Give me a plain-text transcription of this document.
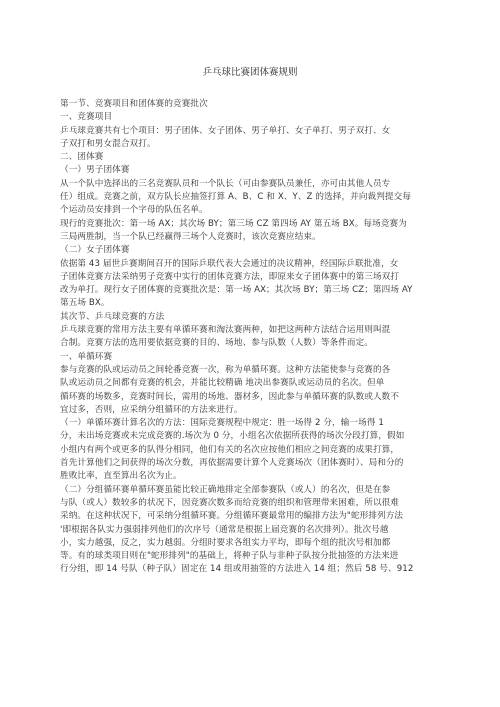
乒乓球比赛团体赛规则
第一节、竞赛项目和团体赛的竞赛批次
一、竞赛项目
乒乓球竞赛共有七个项目：男子团体、女子团体、男子单打、女子单打、男子双打、女
子双打和男女混合双打。
二、团体赛
（一）男子团体赛
从一个队中选择出的三名竞赛队员和一个队长（可由参赛队员兼任，亦可由其他人员专
任）组成。竞赛之前，双方队长应抽签打算 A、B、C 和 X、Y、Z 的选择，并向裁判提交每
个运动员安排到一个字母的队伍名单。
现行的竞赛批次：第一场 AX；其次场 BY；第三场 CZ 第四场 AY 第五场 BX。每场竞赛为
三局两胜制，当一个队已经赢得三场个人竞赛时，该次竞赛应结束。
（二）女子团体赛
依据第 43 届世乒赛期间召开的国际乒联代表大会通过的决议精神，经国际乒联批准，女
子团体竞赛方法采纳男子竞赛中实行的团体竞赛方法，即原来女子团体赛中的第三场双打
改为单打。现行女子团体赛的竞赛批次是：第一场 AX；其次场 BY；第三场 CZ；第四场 AY
第五场 BX。
其次节、乒乓球竞赛的方法
乒乓球竞赛的常用方法主要有单循环赛和淘汰赛两种，如把这两种方法结合运用则叫混
合制。竞赛方法的选用要依据竞赛的目的、场地、参与队数（人数）等条件而定。
一、单循环赛
参与竞赛的队或运动员之间轮番竞赛一次，称为单循环赛。这种方法能使参与竞赛的各
队或运动员之间都有竞赛的机会，并能比较精确 地决出参赛队或运动员的名次。但单
循环赛的场数多，竞赛时间长，需用的场地、器材多，因此参与单循环赛的队数或人数不
宜过多，否则，应采纳分组循环的方法来进行。
（一）单循环赛计算名次的方法：国际竞赛规程中规定：胜一场得 2 分，输一场得 1
分，未出场竞赛或未完成竞赛的.场次为 0 分，小组名次依据所获得的场次分段打算，假如
小组内有两个或更多的队得分相同，他们有关的名次应按他们相应之间竞赛的成果打算，
首先计算他们之间获得的场次分数，再依据需要计算个人竞赛场次（团体赛时）、局和分的
胜败比率，直至算出名次为止。
（二）分组循环赛单循环赛虽能比较正确地排定全部参赛队（或人）的名次，但是在参
与队（或人）数较多的状况下，因竞赛次数多而给竞赛的组织和管理带来困难，所以很难
采纳。在这种状况下，可采纳分组循环赛。分组循环赛最常用的编排方法为"蛇形排列方法
'即根据各队实力强弱排列他们的次序号（通常是根据上届竞赛的名次排列）。批次号越
小，实力越强，反之，实力越弱。分组时要求各组实力平均，即每个组的批次号相加都
等。有的球类项目则在"蛇形排列"的基础上，将种子队与非种子队按分批抽签的方法来进
行分组，即 14 号队（种子队）固定在 14 组或用抽签的方法进入 14 组；然后 58 号、912
